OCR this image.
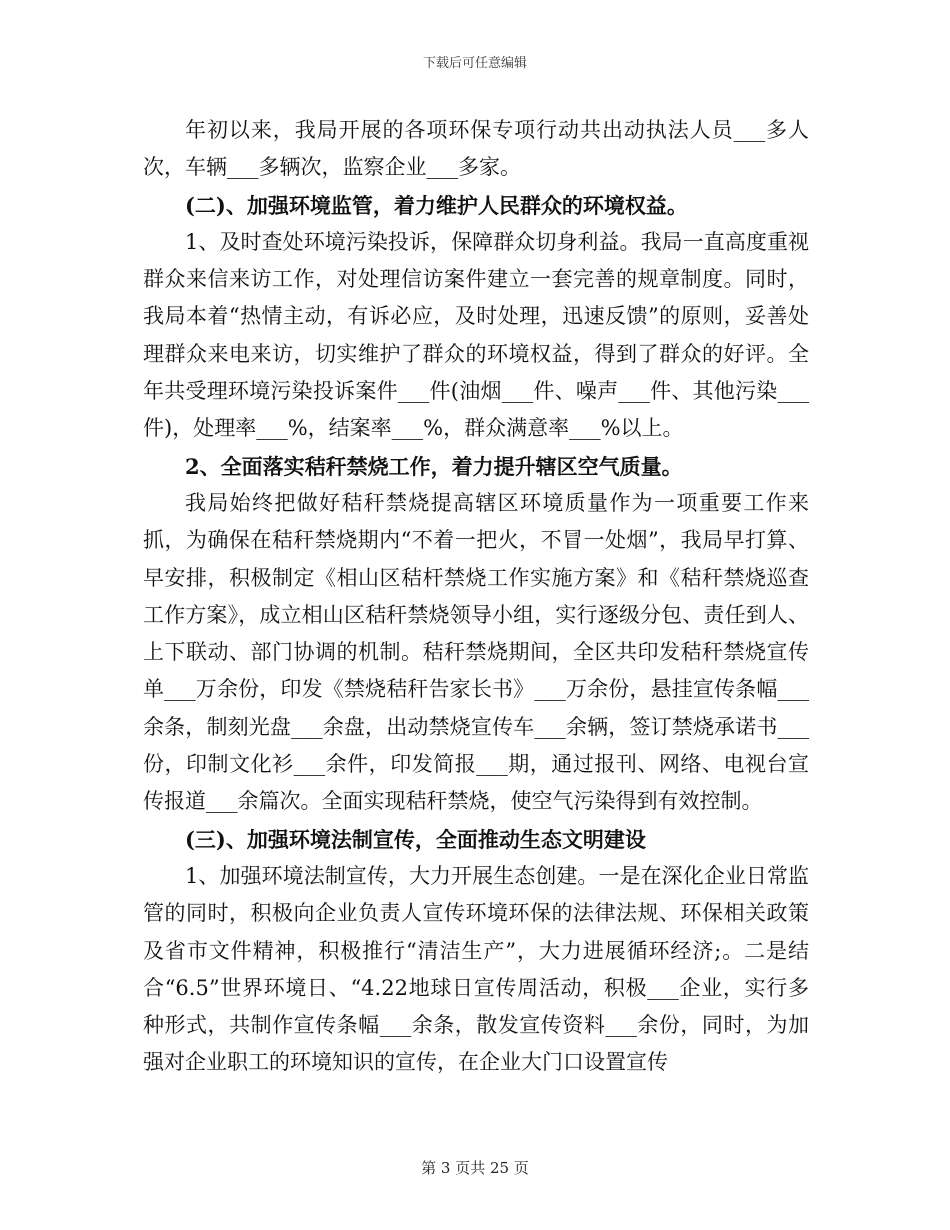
下载后可任意编辑

年初以来，我局开展的各项环保专项行动共出动执法人员___多人次，车辆___多辆次，监察企业___多家。

(二)、加强环境监管，着力维护人民群众的环境权益。

1、及时查处环境污染投诉，保障群众切身利益。我局一直高度重视群众来信来访工作，对处理信访案件建立一套完善的规章制度。同时，我局本着“热情主动，有诉必应，及时处理，迅速反馈”的原则，妥善处理群众来电来访，切实维护了群众的环境权益，得到了群众的好评。全年共受理环境污染投诉案件___件(油烟___件、噪声___件、其他污染___件)，处理率___%，结案率___%，群众满意率___%以上。

2、全面落实秸秆禁烧工作，着力提升辖区空气质量。

我局始终把做好秸秆禁烧提高辖区环境质量作为一项重要工作来抓，为确保在秸秆禁烧期内“不着一把火，不冒一处烟”，我局早打算、早安排，积极制定《相山区秸杆禁烧工作实施方案》和《秸秆禁烧巡查工作方案》，成立相山区秸秆禁烧领导小组，实行逐级分包、责任到人、上下联动、部门协调的机制。秸秆禁烧期间，全区共印发秸秆禁烧宣传单___万余份，印发《禁烧秸秆告家长书》___万余份，悬挂宣传条幅___余条，制刻光盘___余盘，出动禁烧宣传车___余辆，签订禁烧承诺书___份，印制文化衫___余件，印发简报___期，通过报刊、网络、电视台宣传报道___余篇次。全面实现秸秆禁烧，使空气污染得到有效控制。

(三)、加强环境法制宣传，全面推动生态文明建设

1、加强环境法制宣传，大力开展生态创建。一是在深化企业日常监管的同时，积极向企业负责人宣传环境环保的法律法规、环保相关政策及省市文件精神，积极推行“清洁生产”，大力进展循环经济;。二是结合“6.5”世界环境日、“4.22地球日宣传周活动，积极___企业，实行多种形式，共制作宣传条幅___余条，散发宣传资料___余份，同时，为加强对企业职工的环境知识的宣传，在企业大门口设置宣传

第 3 页共 25 页
